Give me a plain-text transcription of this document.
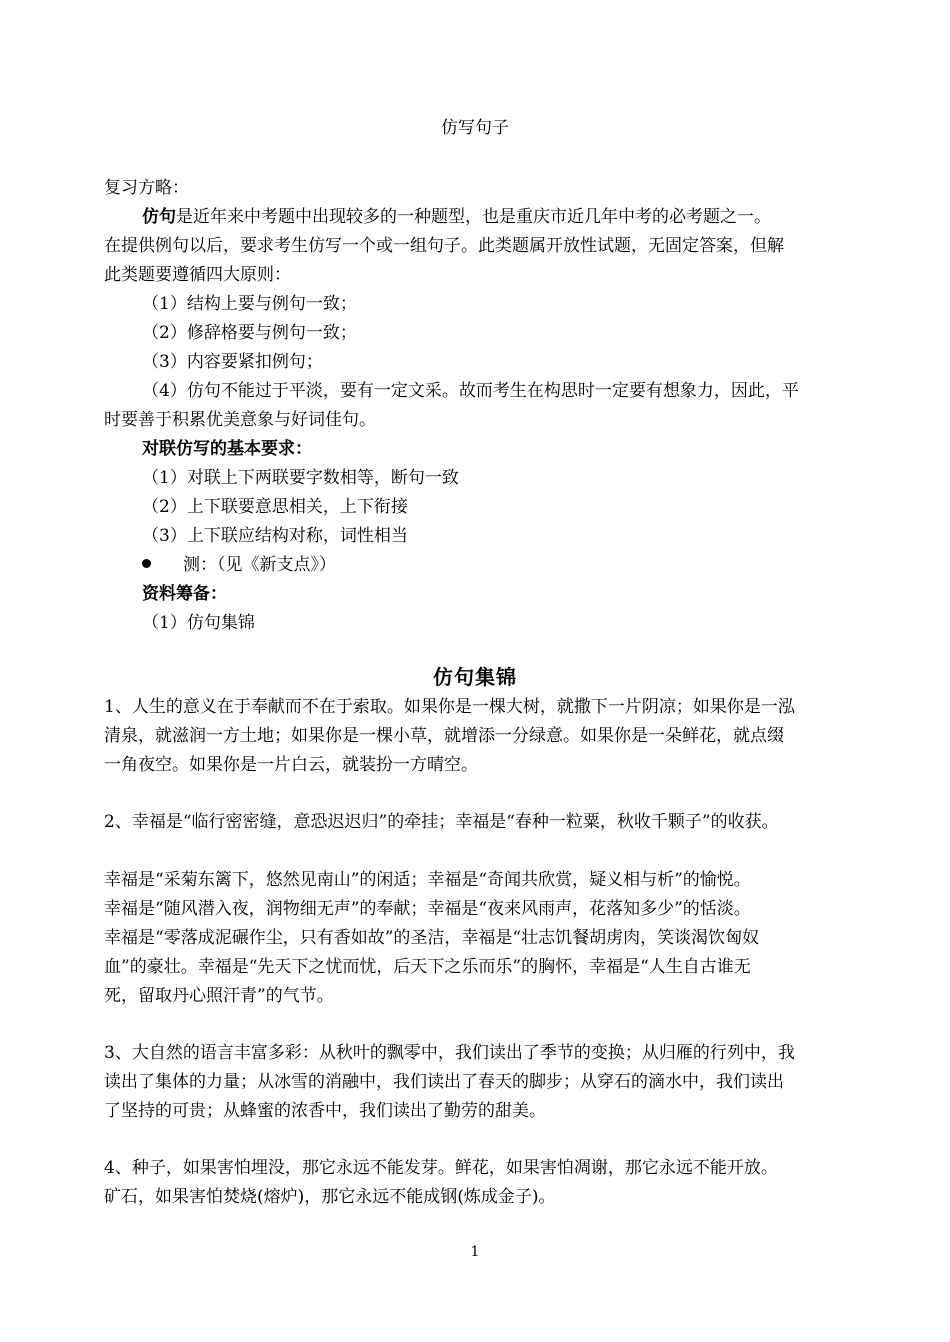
仿写句子
复习方略：
仿句是近年来中考题中出现较多的一种题型，也是重庆市近几年中考的必考题之一。
在提供例句以后，要求考生仿写一个或一组句子。此类题属开放性试题，无固定答案，但解
此类题要遵循四大原则：
（1）结构上要与例句一致；
（2）修辞格要与例句一致；
（3）内容要紧扣例句；
（4）仿句不能过于平淡，要有一定文采。故而考生在构思时一定要有想象力，因此，平
时要善于积累优美意象与好词佳句。
对联仿写的基本要求：
（1）对联上下两联要字数相等，断句一致
（2）上下联要意思相关，上下衔接
（3）上下联应结构对称，词性相当
测：（见《新支点》）
资料筹备：
（1）仿句集锦
仿句集锦
1、人生的意义在于奉献而不在于索取。如果你是一棵大树，就撒下一片阴凉；如果你是一泓
清泉，就滋润一方土地；如果你是一棵小草，就增添一分绿意。如果你是一朵鲜花，就点缀
一角夜空。如果你是一片白云，就装扮一方晴空。
2、幸福是“临行密密缝，意恐迟迟归”的牵挂；幸福是“春种一粒粟，秋收千颗子”的收获。
幸福是“采菊东篱下，悠然见南山”的闲适；幸福是“奇闻共欣赏，疑义相与析”的愉悦。
幸福是“随风潜入夜，润物细无声”的奉献；幸福是“夜来风雨声，花落知多少”的恬淡。
幸福是“零落成泥碾作尘，只有香如故”的圣洁，幸福是“壮志饥餐胡虏肉，笑谈渴饮匈奴
血”的豪壮。幸福是“先天下之忧而忧，后天下之乐而乐”的胸怀，幸福是“人生自古谁无
死，留取丹心照汗青”的气节。
3、大自然的语言丰富多彩：从秋叶的飘零中，我们读出了季节的变换；从归雁的行列中，我
读出了集体的力量；从冰雪的消融中，我们读出了春天的脚步；从穿石的滴水中，我们读出
了坚持的可贵；从蜂蜜的浓香中，我们读出了勤劳的甜美。
4、种子，如果害怕埋没，那它永远不能发芽。鲜花，如果害怕凋谢，那它永远不能开放。
矿石，如果害怕焚烧(熔炉)，那它永远不能成钢(炼成金子)。
1
